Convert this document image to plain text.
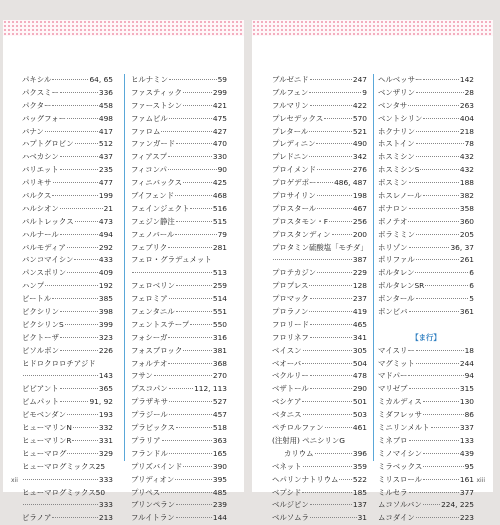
パキシル	64, 65
パクスミー	336
パクター	458
バッグフォー	498
バナン	417
ハプトグロビン	512
ハベカシン	437
バリエット	235
パリキサ	477
バルクス	199
ハルシオン	21
バルトレックス	473
ハルナール	494
バルモディア	292
バンコマイシン	433
パンスポリン	409
ハンプ	192
ビートル	385
ビクシリン	398
ビクシリンS	399
ビクトーザ	323
ビソルボン	226
ヒドロクロロチアジド
143
ビビアント	365
ビムパット	91, 92
ビモベンダン	193
ヒューマリンN	332
ヒューマリンR	331
ヒューマログ	329
ヒューマログミックス25
333
ヒューマログミックス50
333
ビラノア	213
ヒルナミン	59
ファスティック	299
ファーストシン	421
ファムビル	475
ファロム	427
ファンガード	470
フィアスプ	330
フィコンパ	90
フィニバックス	425
ブイフェンド	468
フェインジェクト	516
フェジン静注	515
フェノバール	79
フェブリク	281
フェロ・グラデュメット
513
フェロベリン	259
フェロミア	514
フェンタニル	551
フェントステープ	550
フォシーガ	316
フォスブロック	381
フォルテオ	368
フサン	270
ブスコパン	112, 113
プラザキサ	527
プラジール	457
プラビックス	518
プラリア	363
フランドル	165
プリズバインド	390
ブリディオン	395
プリペス	485
ブリンペラン	239
フルイトラン	144
xii
ブルゼニド	247
ブルフェン	9
フルマリン	422
プレセデックス	570
プレタール	521
プレディニン	490
プレドニン	342
プロイメンド	276
プロゲデポー 486, 487
プロサイリン	198
プロスタール	467
プロスタモン・F	256
プロスタンディン	200
プロタミン硫酸塩「モチダ」
387
プロテカジン	229
プロプレス	128
プロマック	237
プロラノン	419
フロリード	465
フロリネフ	341
ベイスン	305
ベオーバ	504
ベクルリー	478
ベザトール	290
ベシケア	501
ベタニス	503
ペチロルファン	461
(注射用) ペニシリンG
カリウム	396
ベネット	359
ヘパリンナトリウム 522
ベプシド	185
ベルジピン	137
ベルソムラ	31
ヘルベッサー	142
ベンザリン	28
ベンタサ	263
ベントシリン	404
ホクナリン	218
ホストイン	78
ホスミシン	432
ホスミシンS	432
ボスミン	188
ホスレノール	382
ボナロン	358
ボノテオ	360
ボラミミン	205
ホリゾン	36, 37
ポリファル	261
ボルタレン	6
ボルタレンSR	6
ボンタール	5
ボンビバ	361
【ま行】
マイスリー	18
マグミット	244
マドパー	94
マリゼブ	315
ミカルディス	130
ミダフレッサ	86
ミニリンメルト	337
ミネブロ	133
ミノマイシン	439
ミラベックス	95
ミリスロール	161
ミルセラ	377
ムコソルバン	224, 225
ムコダイン	223
xiii
